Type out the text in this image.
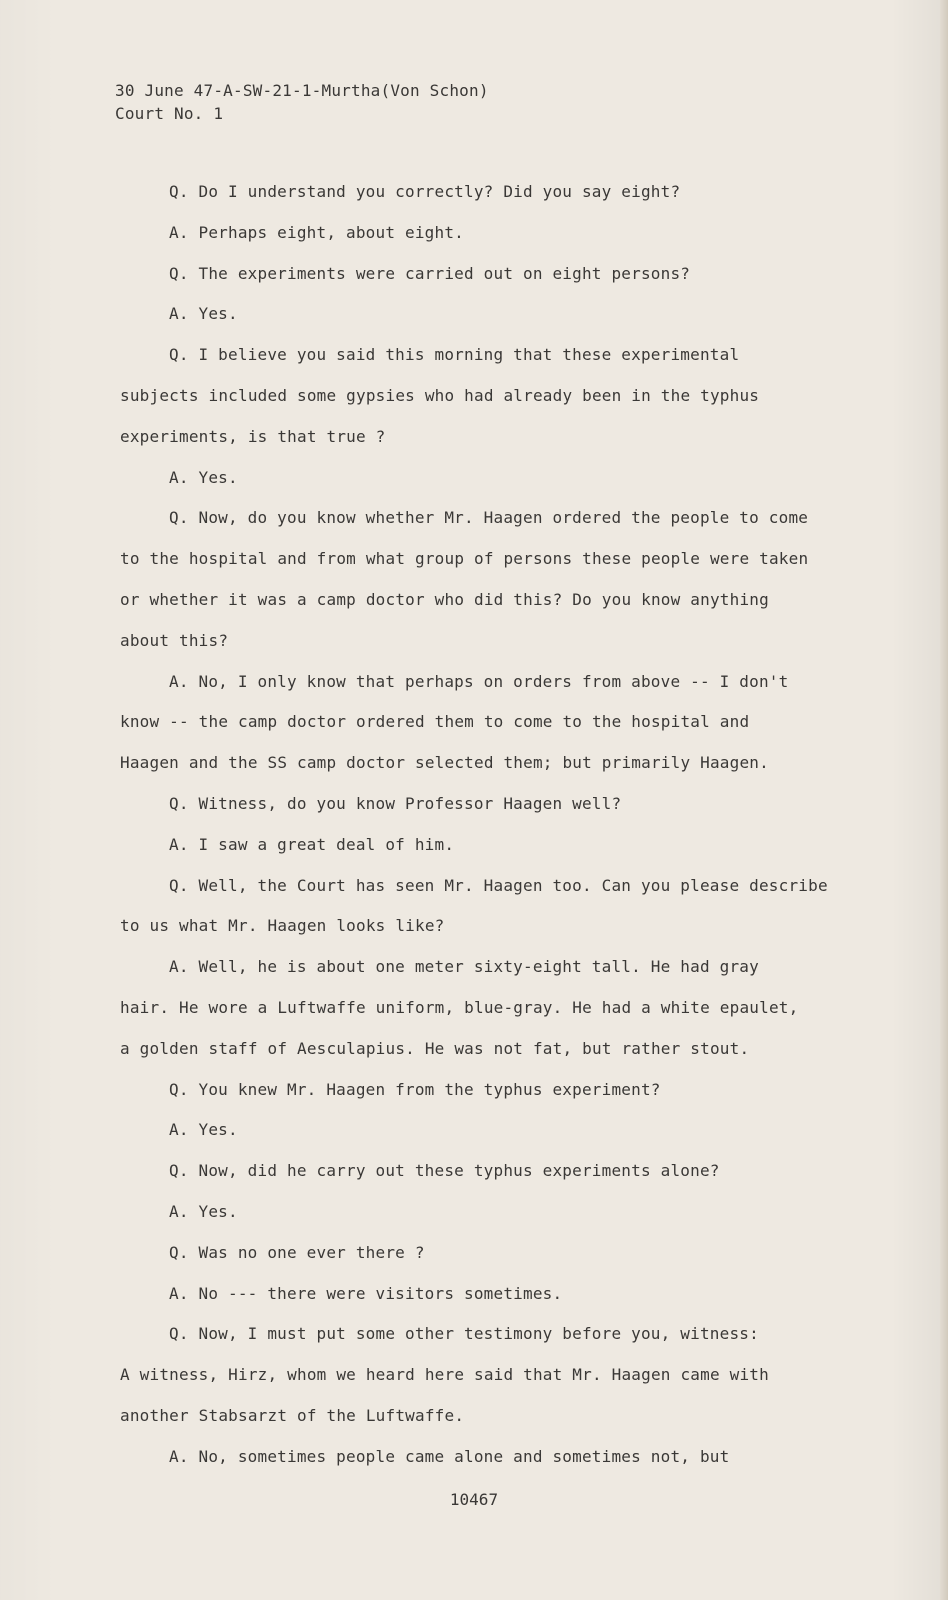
30 June 47-A-SW-21-1-Murtha(Von Schon)
Court No. 1
Q. Do I understand you correctly? Did you say eight?
A. Perhaps eight, about eight.
Q. The experiments were carried out on eight persons?
A. Yes.
Q. I believe you said this morning that these experimental
subjects included some gypsies who had already been in the typhus
experiments, is that true ?
A. Yes.
Q. Now, do you know whether Mr. Haagen ordered the people to come
to the hospital and from what group of persons these people were taken
or whether it was a camp doctor who did this? Do you know anything
about this?
A. No, I only know that perhaps on orders from above -- I don't
know -- the camp doctor ordered them to come to the hospital and
Haagen and the SS camp doctor selected them; but primarily Haagen.
Q. Witness, do you know Professor Haagen well?
A. I saw a great deal of him.
Q. Well, the Court has seen Mr. Haagen too. Can you please describe
to us what Mr. Haagen looks like?
A. Well, he is about one meter sixty-eight tall. He had gray
hair. He wore a Luftwaffe uniform, blue-gray. He had a white epaulet,
a golden staff of Aesculapius. He was not fat, but rather stout.
Q. You knew Mr. Haagen from the typhus experiment?
A. Yes.
Q. Now, did he carry out these typhus experiments alone?
A. Yes.
Q. Was no one ever there ?
A. No --- there were visitors sometimes.
Q. Now, I must put some other testimony before you, witness:
A witness, Hirz, whom we heard here said that Mr. Haagen came with
another Stabsarzt of the Luftwaffe.
A. No, sometimes people came alone and sometimes not, but
10467
